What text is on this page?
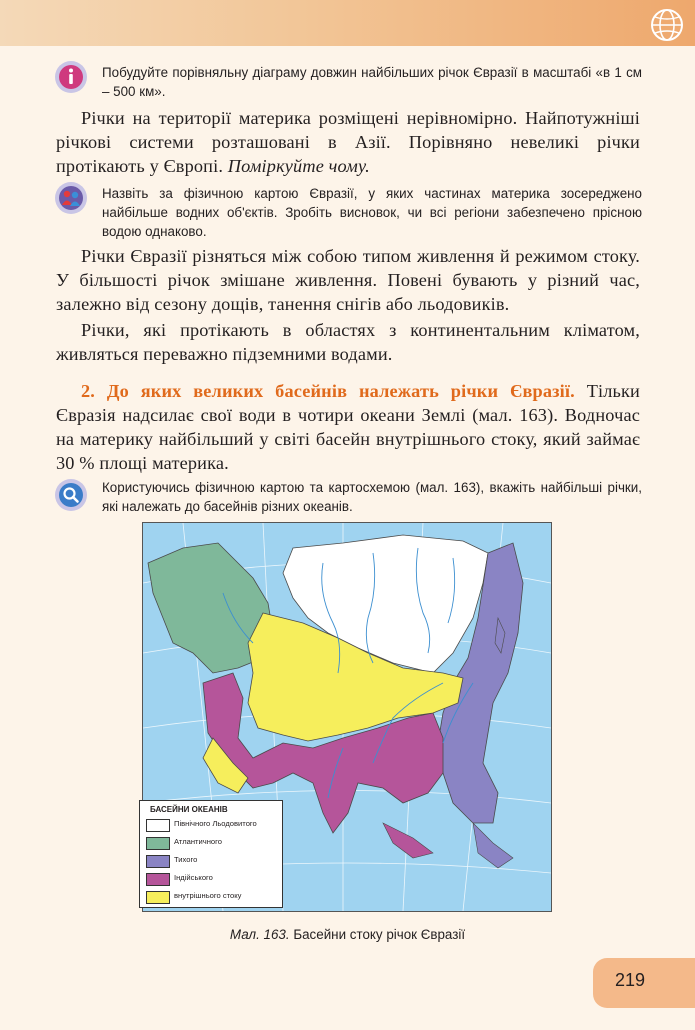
Побудуйте порівняльну діаграму довжин найбільших річок Євразії в масштабі «в 1 см – 500 км».
Річки на території материка розміщені нерівномірно. Найпотужніші річкові системи розташовані в Азії. Порівняно невеликі річки протікають у Європі. Поміркуйте чому.
Назвіть за фізичною картою Євразії, у яких частинах материка зосереджено найбільше водних об'єктів. Зробіть висновок, чи всі регіони забезпечено прісною водою однаково.
Річки Євразії різняться між собою типом живлення й режимом стоку. У більшості річок змішане живлення. Повені бувають у різний час, залежно від сезону дощів, танення снігів або льодовиків.
Річки, які протікають в областях з континентальним кліматом, живляться переважно підземними водами.
2. До яких великих басейнів належать річки Євразії. Тільки Євразія надсилає свої води в чотири океани Землі (мал. 163). Водночас на материку найбільший у світі басейн внутрішнього стоку, який займає 30 % площі материка.
Користуючись фізичною картою та картосхемою (мал. 163), вкажіть найбільші річки, які належать до басейнів різних океанів.
БАСЕЙНИ ОКЕАНІВ
Північного Льодовитого
Атлантичного
Тихого
Індійського
внутрішнього стоку
Мал. 163. Басейни стоку річок Євразії
219
